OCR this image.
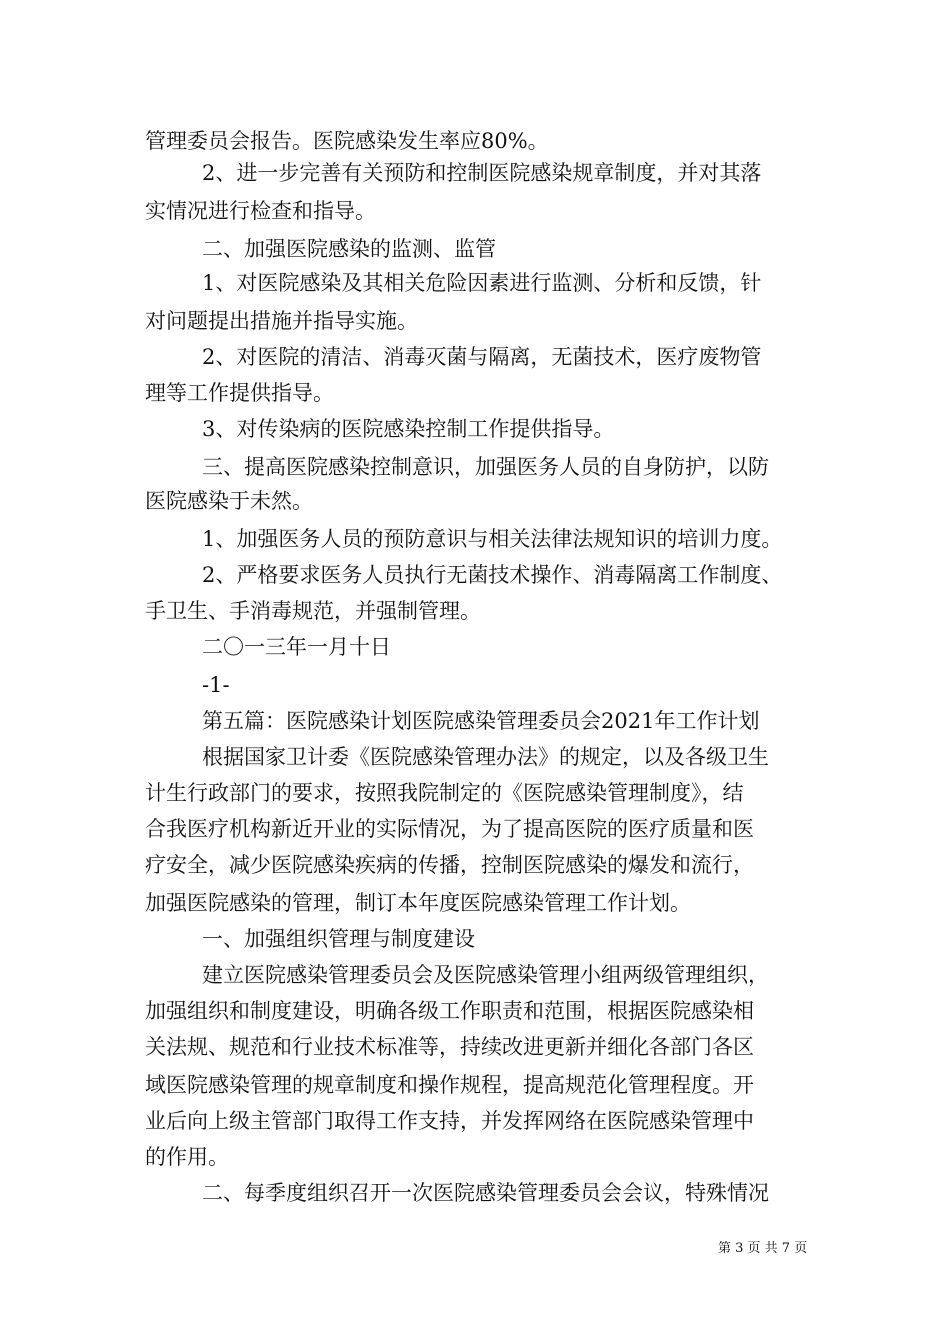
管理委员会报告。医院感染发生率应80%。
2、进一步完善有关预防和控制医院感染规章制度，并对其落
实情况进行检查和指导。
二、加强医院感染的监测、监管
1、对医院感染及其相关危险因素进行监测、分析和反馈，针
对问题提出措施并指导实施。
2、对医院的清洁、消毒灭菌与隔离，无菌技术，医疗废物管
理等工作提供指导。
3、对传染病的医院感染控制工作提供指导。
三、提高医院感染控制意识，加强医务人员的自身防护，以防
医院感染于未然。
1、加强医务人员的预防意识与相关法律法规知识的培训力度。
2、严格要求医务人员执行无菌技术操作、消毒隔离工作制度、
手卫生、手消毒规范，并强制管理。
二〇一三年一月十日
-1-
第五篇：医院感染计划医院感染管理委员会2021年工作计划
根据国家卫计委《医院感染管理办法》的规定，以及各级卫生
计生行政部门的要求，按照我院制定的《医院感染管理制度》，结
合我医疗机构新近开业的实际情况，为了提高医院的医疗质量和医
疗安全，减少医院感染疾病的传播，控制医院感染的爆发和流行，
加强医院感染的管理，制订本年度医院感染管理工作计划。
一、加强组织管理与制度建设
建立医院感染管理委员会及医院感染管理小组两级管理组织，
加强组织和制度建设，明确各级工作职责和范围，根据医院感染相
关法规、规范和行业技术标准等，持续改进更新并细化各部门各区
域医院感染管理的规章制度和操作规程，提高规范化管理程度。开
业后向上级主管部门取得工作支持，并发挥网络在医院感染管理中
的作用。
二、每季度组织召开一次医院感染管理委员会会议，特殊情况
第 3 页 共 7 页
